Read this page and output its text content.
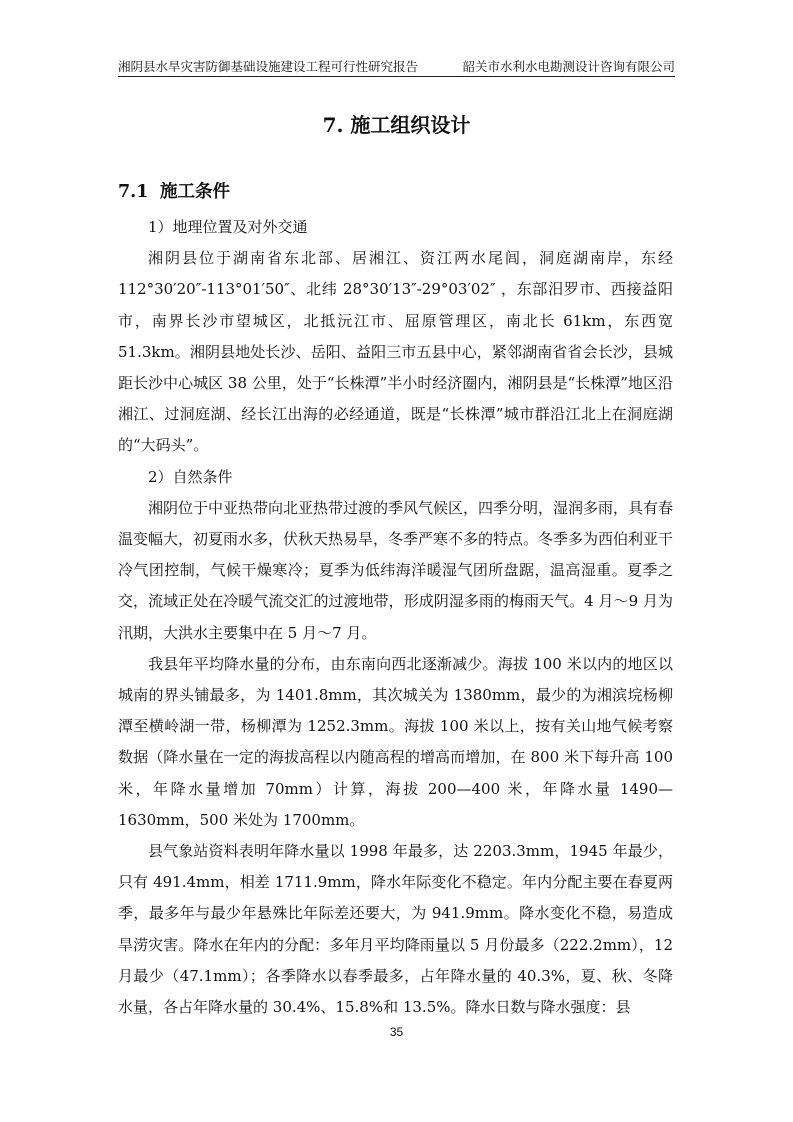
湘阴县水旱灾害防御基础设施建设工程可行性研究报告	韶关市水利水电勘测设计咨询有限公司
7. 施工组织设计
7.1 施工条件

1）地理位置及对外交通

湘阴县位于湖南省东北部、居湘江、资江两水尾闾，洞庭湖南岸，东经 112°30′20″-113°01′50″、北纬 28°30′13″-29°03′02″ ，东部汨罗市、西接益阳市，南界长沙市望城区，北抵沅江市、屈原管理区，南北长 61km，东西宽 51.3km。湘阴县地处长沙、岳阳、益阳三市五县中心，紧邻湖南省省会长沙，县城距长沙中心城区 38 公里，处于“长株潭”半小时经济圈内，湘阴县是“长株潭”地区沿湘江、过洞庭湖、经长江出海的必经通道，既是“长株潭”城市群沿江北上在洞庭湖的“大码头”。

2）自然条件

湘阴位于中亚热带向北亚热带过渡的季风气候区，四季分明，湿润多雨，具有春温变幅大，初夏雨水多，伏秋天热易旱，冬季严寒不多的特点。冬季多为西伯利亚干冷气团控制，气候干燥寒冷；夏季为低纬海洋暖湿气团所盘踞，温高湿重。夏季之交，流域正处在冷暖气流交汇的过渡地带，形成阴湿多雨的梅雨天气。4 月～9 月为汛期，大洪水主要集中在 5 月～7 月。

我县年平均降水量的分布，由东南向西北逐渐减少。海拔 100 米以内的地区以城南的界头铺最多，为 1401.8mm，其次城关为 1380mm，最少的为湘滨垸杨柳潭至横岭湖一带，杨柳潭为 1252.3mm。海拔 100 米以上，按有关山地气候考察数据（降水量在一定的海拔高程以内随高程的增高而增加，在 800 米下每升高 100 米，年降水量增加 70mm）计算，海拔 200—400 米，年降水量 1490—1630mm，500 米处为 1700mm。

县气象站资料表明年降水量以 1998 年最多，达 2203.3mm，1945 年最少，只有 491.4mm，相差 1711.9mm，降水年际变化不稳定。年内分配主要在春夏两季，最多年与最少年悬殊比年际差还要大，为 941.9mm。降水变化不稳，易造成旱涝灾害。降水在年内的分配：多年月平均降雨量以 5 月份最多（222.2mm），12 月最少（47.1mm）；各季降水以春季最多，占年降水量的 40.3%，夏、秋、冬降水量，各占年降水量的 30.4%、15.8%和 13.5%。降水日数与降水强度：县

35
